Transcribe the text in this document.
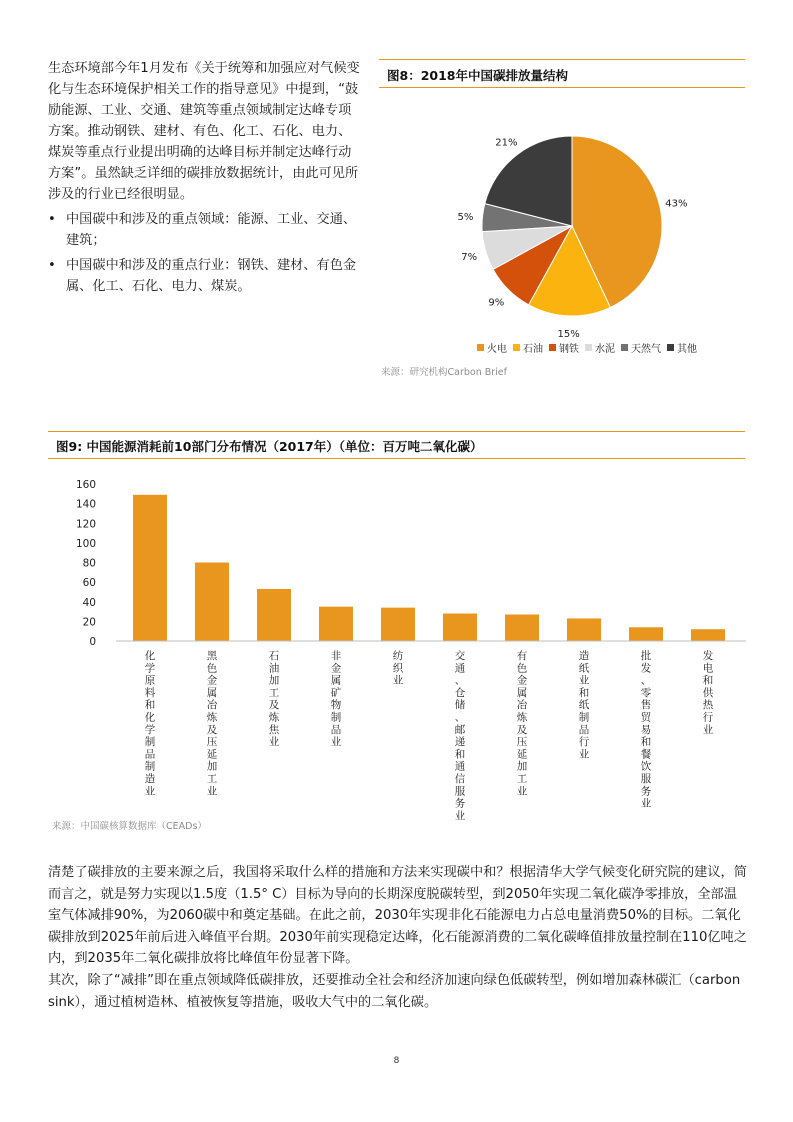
生态环境部今年1月发布《关于统筹和加强应对气候变化与生态环境保护相关工作的指导意见》中提到，“鼓励能源、工业、交通、建筑等重点领域制定达峰专项方案。推动钢铁、建材、有色、化工、石化、电力、煤炭等重点行业提出明确的达峰目标并制定达峰行动方案”。虽然缺乏详细的碳排放数据统计，由此可见所涉及的行业已经很明显。

• 中国碳中和涉及的重点领域：能源、工业、交通、建筑；
• 中国碳中和涉及的重点行业：钢铁、建材、有色金属、化工、石化、电力、煤炭。
图8：2018年中国碳排放量结构
43%
15%
9%
7%
5%
21%
火电 石油 钢铁 水泥 天然气 其他
来源：研究机构Carbon Brief
图9: 中国能源消耗前10部门分布情况（2017年）（单位：百万吨二氧化碳）
0
20
40
60
80
100
120
140
160
化学原料和化学制品制造业
黑色金属冶炼及压延加工业
石油加工及炼焦业
非金属矿物制品业
纺织业
交通、仓储、邮递和通信服务业
有色金属冶炼及压延加工业
造纸业和纸制品行业
批发、零售贸易和餐饮服务业
发电和供热行业
来源：中国碳核算数据库（CEADs）

清楚了碳排放的主要来源之后，我国将采取什么样的措施和方法来实现碳中和？根据清华大学气候变化研究院的建议，简而言之，就是努力实现以1.5度（1.5° C）目标为导向的长期深度脱碳转型，到2050年实现二氧化碳净零排放，全部温室气体减排90%，为2060碳中和奠定基础。在此之前，2030年实现非化石能源电力占总电量消费50%的目标。二氧化碳排放到2025年前后进入峰值平台期。2030年前实现稳定达峰，化石能源消费的二氧化碳峰值排放量控制在110亿吨之内，到2035年二氧化碳排放将比峰值年份显著下降。

其次，除了“减排”即在重点领域降低碳排放，还要推动全社会和经济加速向绿色低碳转型，例如增加森林碳汇（carbon sink），通过植树造林、植被恢复等措施，吸收大气中的二氧化碳。

8
